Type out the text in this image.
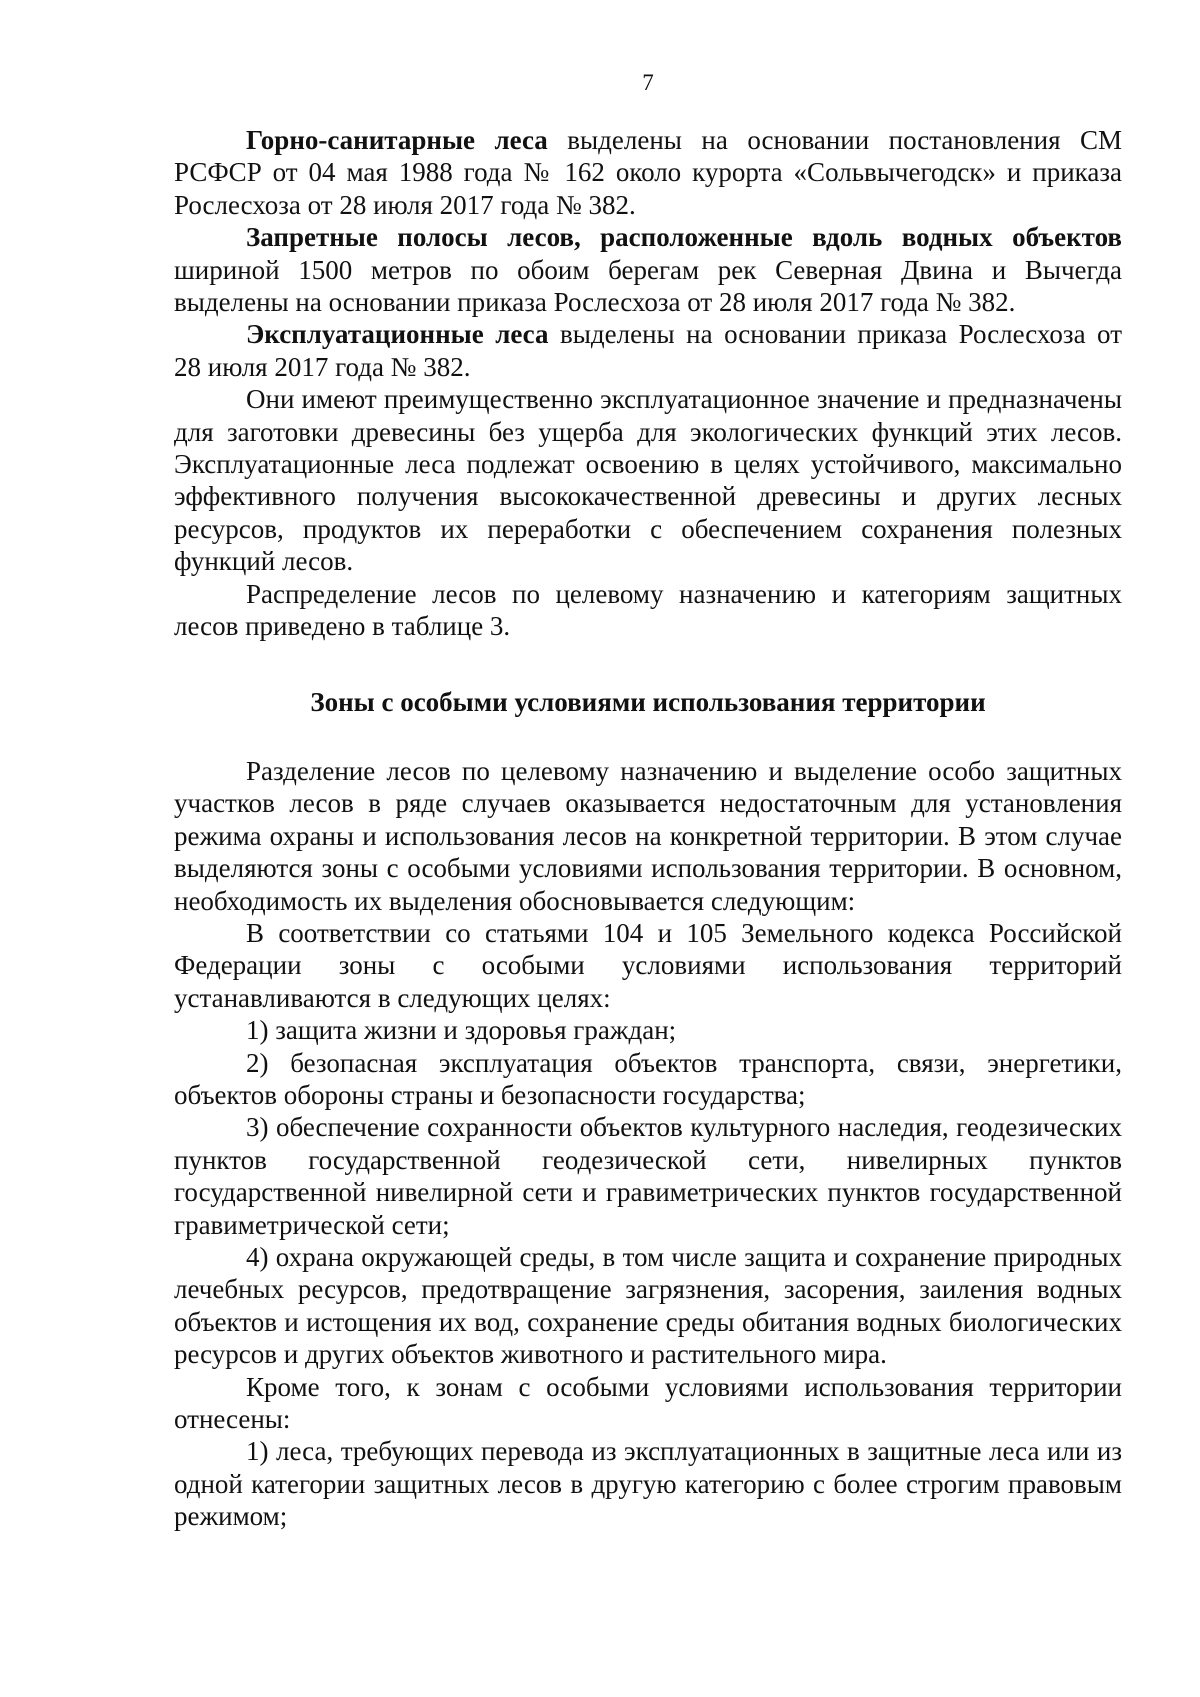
7

Горно-санитарные леса выделены на основании постановления СМ РСФСР от 04 мая 1988 года № 162 около курорта «Сольвычегодск» и приказа Рослесхоза от 28 июля 2017 года № 382.

Запретные полосы лесов, расположенные вдоль водных объектов шириной 1500 метров по обоим берегам рек Северная Двина и Вычегда выделены на основании приказа Рослесхоза от 28 июля 2017 года № 382.

Эксплуатационные леса выделены на основании приказа Рослесхоза от 28 июля 2017 года № 382.

Они имеют преимущественно эксплуатационное значение и предназначены для заготовки древесины без ущерба для экологических функций этих лесов. Эксплуатационные леса подлежат освоению в целях устойчивого, максимально эффективного получения высококачественной древесины и других лесных ресурсов, продуктов их переработки с обеспечением сохранения полезных функций лесов.

Распределение лесов по целевому назначению и категориям защитных лесов приведено в таблице 3.

Зоны с особыми условиями использования территории

Разделение лесов по целевому назначению и выделение особо защитных участков лесов в ряде случаев оказывается недостаточным для установления режима охраны и использования лесов на конкретной территории. В этом случае выделяются зоны с особыми условиями использования территории. В основном, необходимость их выделения обосновывается следующим:

В соответствии со статьями 104 и 105 Земельного кодекса Российской Федерации зоны с особыми условиями использования территорий устанавливаются в следующих целях:

1) защита жизни и здоровья граждан;

2) безопасная эксплуатация объектов транспорта, связи, энергетики, объектов обороны страны и безопасности государства;

3) обеспечение сохранности объектов культурного наследия, геодезических пунктов государственной геодезической сети, нивелирных пунктов государственной нивелирной сети и гравиметрических пунктов государственной гравиметрической сети;

4) охрана окружающей среды, в том числе защита и сохранение природных лечебных ресурсов, предотвращение загрязнения, засорения, заиления водных объектов и истощения их вод, сохранение среды обитания водных биологических ресурсов и других объектов животного и растительного мира.

Кроме того, к зонам с особыми условиями использования территории отнесены:

1) леса, требующих перевода из эксплуатационных в защитные леса или из одной категории защитных лесов в другую категорию с более строгим правовым режимом;
